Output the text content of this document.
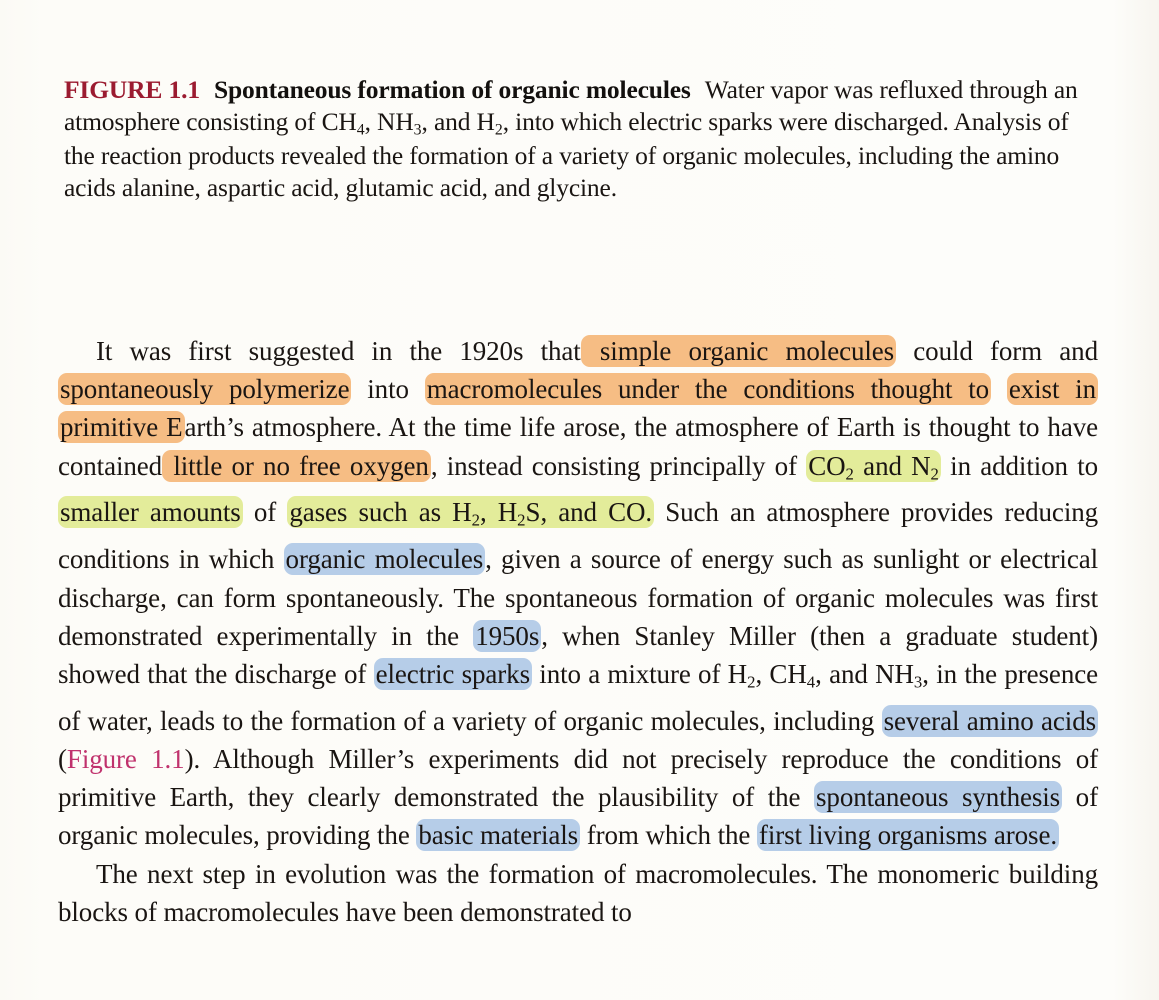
FIGURE 1.1 Spontaneous formation of organic molecules Water vapor was refluxed through an atmosphere consisting of $CH_4$, $NH_3$, and $H_2$, into which electric sparks were discharged. Analysis of the reaction products revealed the formation of a variety of organic molecules, including the amino acids alanine, aspartic acid, glutamic acid, and glycine.

It was first suggested in the 1920s that simple organic molecules could form and spontaneously polymerize into macromolecules under the conditions thought to exist in primitive Earth’s atmosphere. At the time life arose, the atmosphere of Earth is thought to have contained little or no free oxygen, instead consisting principally of $CO_2$ and $N_2$ in addition to smaller amounts of gases such as $H_2$, $H_2S$, and CO. Such an atmosphere provides reducing conditions in which organic molecules, given a source of energy such as sunlight or electrical discharge, can form spontaneously. The spontaneous formation of organic molecules was first demonstrated experimentally in the 1950s, when Stanley Miller (then a graduate student) showed that the discharge of electric sparks into a mixture of $H_2$, $CH_4$, and $NH_3$, in the presence of water, leads to the formation of a variety of organic molecules, including several amino acids (Figure 1.1). Although Miller’s experiments did not precisely reproduce the conditions of primitive Earth, they clearly demonstrated the plausibility of the spontaneous synthesis of organic molecules, providing the basic materials from which the first living organisms arose.

The next step in evolution was the formation of macromolecules. The monomeric building blocks of macromolecules have been demonstrated to
